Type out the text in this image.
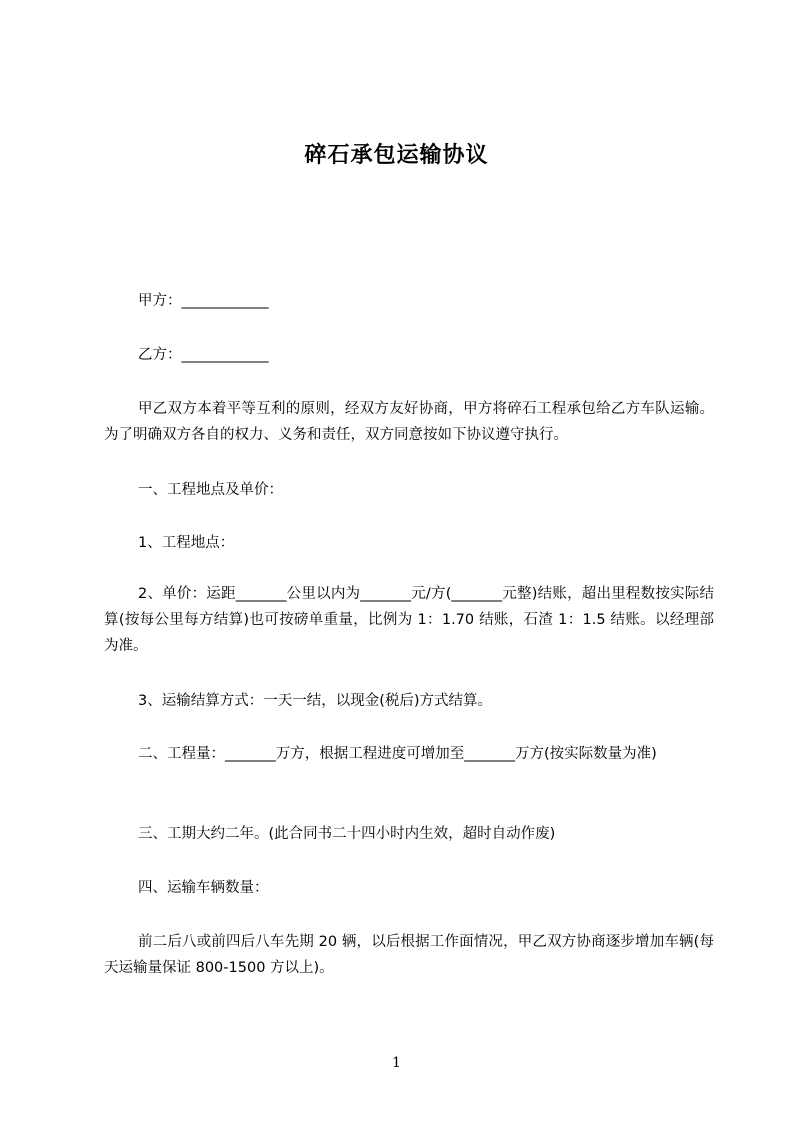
碎石承包运输协议
甲方：____________
乙方：____________
甲乙双方本着平等互利的原则，经双方友好协商，甲方将碎石工程承包给乙方车队运输。为了明确双方各自的权力、义务和责任，双方同意按如下协议遵守执行。
一、工程地点及单价：
1、工程地点：
2、单价：运距_______公里以内为_______元/方(_______元整)结账，超出里程数按实际结算(按每公里每方结算)也可按磅单重量，比例为 1：1.70 结账，石渣 1：1.5 结账。以经理部为准。
3、运输结算方式：一天一结，以现金(税后)方式结算。
二、工程量：_______万方，根据工程进度可增加至_______万方(按实际数量为准)
三、工期大约二年。(此合同书二十四小时内生效，超时自动作废)
四、运输车辆数量：
前二后八或前四后八车先期 20 辆，以后根据工作面情况，甲乙双方协商逐步增加车辆(每天运输量保证 800-1500 方以上)。
1
